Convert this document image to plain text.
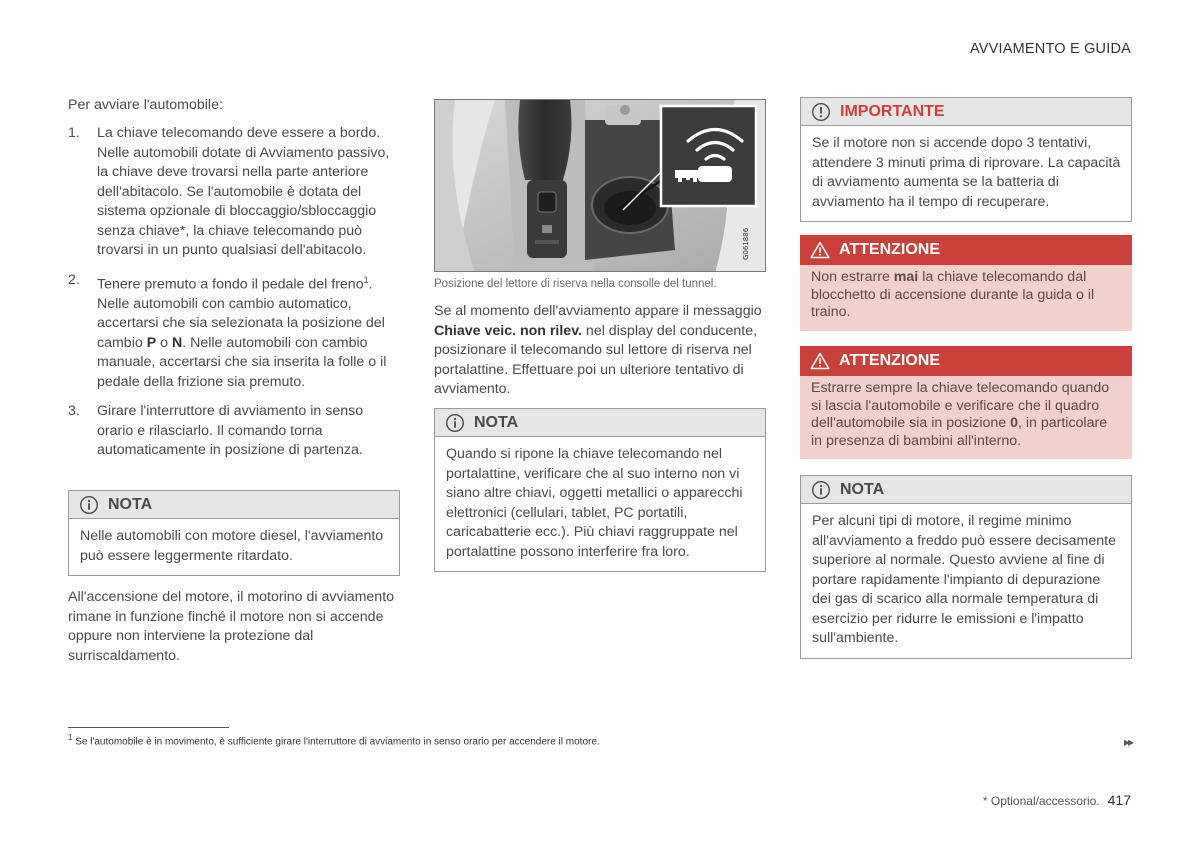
AVVIAMENTO E GUIDA

Per avviare l'automobile:

1. La chiave telecomando deve essere a bordo. Nelle automobili dotate di Avviamento passivo, la chiave deve trovarsi nella parte anteriore dell'abitacolo. Se l'automobile è dotata del sistema opzionale di bloccaggio/sbloccaggio senza chiave*, la chiave telecomando può trovarsi in un punto qualsiasi dell'abitacolo.
2. Tenere premuto a fondo il pedale del freno$^1$. Nelle automobili con cambio automatico, accertarsi che sia selezionata la posizione del cambio P o N. Nelle automobili con cambio manuale, accertarsi che sia inserita la folle o il pedale della frizione sia premuto.
3. Girare l'interruttore di avviamento in senso orario e rilasciarlo. Il comando torna automaticamente in posizione di partenza.
NOTA
Nelle automobili con motore diesel, l'avviamento può essere leggermente ritardato.

All'accensione del motore, il motorino di avviamento rimane in funzione finché il motore non si accende oppure non interviene la protezione dal surriscaldamento.

G061886

Posizione del lettore di riserva nella consolle del tunnel.

Se al momento dell'avviamento appare il messaggio Chiave veic. non rilev. nel display del conducente, posizionare il telecomando sul lettore di riserva nel portalattine. Effettuare poi un ulteriore tentativo di avviamento.

NOTA
Quando si ripone la chiave telecomando nel portalattine, verificare che al suo interno non vi siano altre chiavi, oggetti metallici o apparecchi elettronici (cellulari, tablet, PC portatili, caricabatterie ecc.). Più chiavi raggruppate nel portalattine possono interferire fra loro.
IMPORTANTE
Se il motore non si accende dopo 3 tentativi, attendere 3 minuti prima di riprovare. La capacità di avviamento aumenta se la batteria di avviamento ha il tempo di recuperare.
ATTENZIONE
Non estrarre mai la chiave telecomando dal blocchetto di accensione durante la guida o il traino.
ATTENZIONE
Estrarre sempre la chiave telecomando quando si lascia l'automobile e verificare che il quadro dell'automobile sia in posizione 0, in particolare in presenza di bambini all'interno.
NOTA
Per alcuni tipi di motore, il regime minimo all'avviamento a freddo può essere decisamente superiore al normale. Questo avviene al fine di portare rapidamente l'impianto di depurazione dei gas di scarico alla normale temperatura di esercizio per ridurre le emissioni e l'impatto sull'ambiente.
$^1$ Se l'automobile è in movimento, è sufficiente girare l'interruttore di avviamento in senso orario per accendere il motore.	▸▸
* Optional/accessorio. 417
